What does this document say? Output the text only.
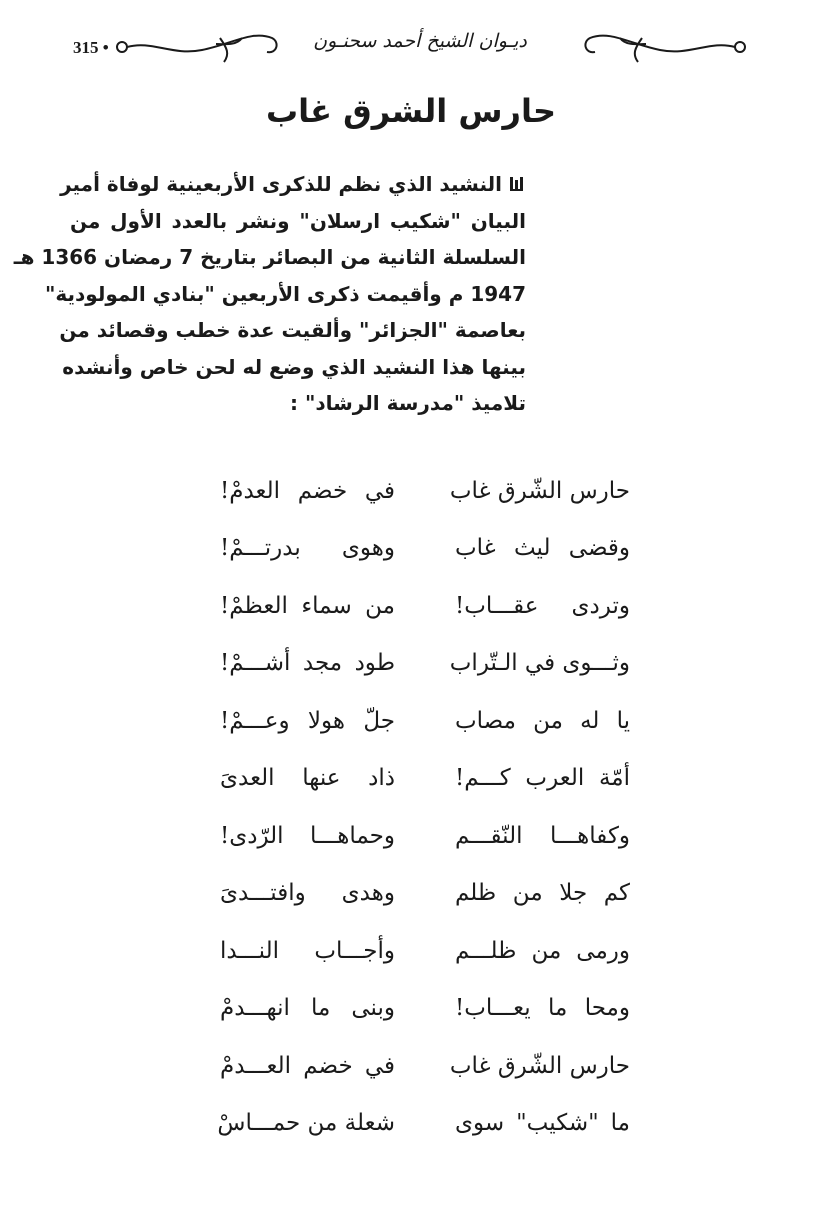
315 •	ديـوان الشيخ أحمد سحنـون
حارس الشرق غاب
النشيد الذي نظم للذكرى الأربعينية لوفاة أمير
البيان "شكيب ارسلان" ونشر بالعدد الأول من
السلسلة الثانية من البصائر بتاريخ 7 رمضان 1366 هـ
1947 م وأقيمت ذكرى الأربعين "بنادي المولودية"
بعاصمة "الجزائر" وألقيت عدة خطب وقصائد من
بينها هذا النشيد الذي وضع له لحن خاص وأنشده
تلاميذ "مدرسة الرشاد" :
حارس الشّرق غاب
في خضم العدمْ!
وقضى ليث غاب
وهوى بدرتـــمْ!
وتردى عقـــاب!
من سماء العظمْ!
وثـــوى في الـتّراب
طود مجد أشـــمْ!
يا له من مصاب
جلّ هولا وعـــمْ!
أمّة العرب كـــم!
ذاد عنها العدىَ
وكفاهـــا النّقـــم
وحماهـــا الرّدى!
كم جلا من ظلم
وهدى وافتـــدىَ
ورمى من ظلـــم
وأجـــاب النـــدا
ومحا ما يعـــاب!
وبنى ما انهـــدمْ
حارس الشّرق غاب
في خضم العـــدمْ
ما "شكيب" سوى
شعلة من حمـــاسْ
